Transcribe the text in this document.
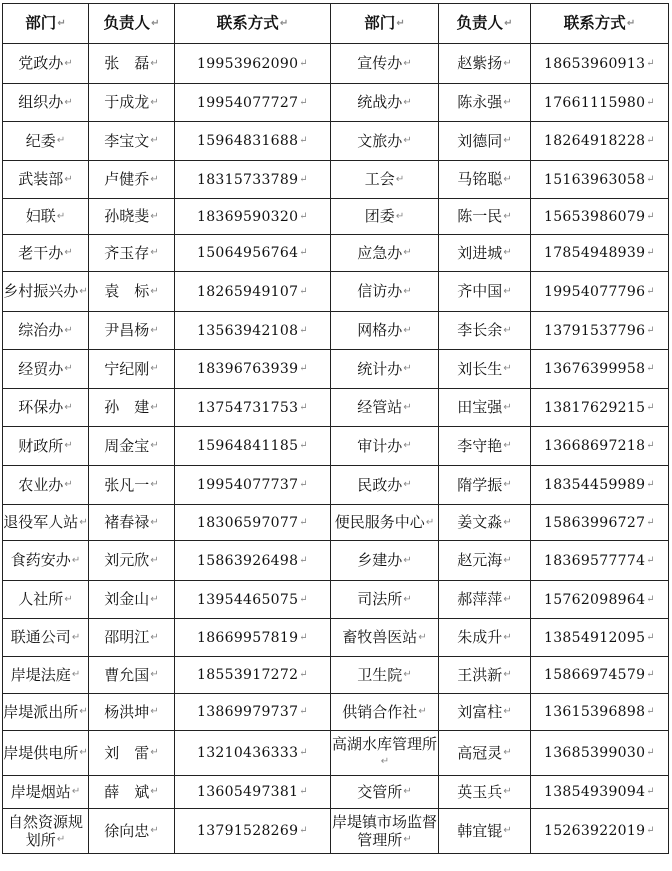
部门↵	负责人↵	联系方式↵	部门↵	负责人↵	联系方式↵
党政办↵	张　磊↵	19953962090↵	宣传办↵	赵紫扬↵	18653960913↵
组织办↵	于成龙↵	19954077727↵	统战办↵	陈永强↵	17661115980↵
纪委↵	李宝文↵	15964831688↵	文旅办↵	刘德同↵	18264918228↵
武装部↵	卢健乔↵	18315733789↵	工会↵	马铭聪↵	15163963058↵
妇联↵	孙晓斐↵	18369590320↵	团委↵	陈一民↵	15653986079↵
老干办↵	齐玉存↵	15064956764↵	应急办↵	刘进城↵	17854948939↵
乡村振兴办↵	袁　标↵	18265949107↵	信访办↵	齐中国↵	19954077796↵
综治办↵	尹昌杨↵	13563942108↵	网格办↵	李长余↵	13791537796↵
经贸办↵	宁纪刚↵	18396763939↵	统计办↵	刘长生↵	13676399958↵
环保办↵	孙　建↵	13754731753↵	经管站↵	田宝强↵	13817629215↵
财政所↵	周金宝↵	15964841185↵	审计办↵	李守艳↵	13668697218↵
农业办↵	张凡一↵	19954077737↵	民政办↵	隋学振↵	18354459989↵
退役军人站↵	褚春禄↵	18306597077↵	便民服务中心↵	姜文淼↵	15863996727↵
食药安办↵	刘元欣↵	15863926498↵	乡建办↵	赵元海↵	18369577774↵
人社所↵	刘金山↵	13954465075↵	司法所↵	郝萍萍↵	15762098964↵
联通公司↵	邵明江↵	18669957819↵	畜牧兽医站↵	朱成升↵	13854912095↵
岸堤法庭↵	曹允国↵	18553917272↵	卫生院↵	王洪新↵	15866974579↵
岸堤派出所↵	杨洪坤↵	13869979737↵	供销合作社↵	刘富柱↵	13615396898↵
岸堤供电所↵	刘　雷↵	13210436333↵	高湖水库管理所↵	高冠灵↵	13685399030↵
岸堤烟站↵	薛　斌↵	13605497381↵	交管所↵	英玉兵↵	13854939094↵
自然资源规划所↵	徐向忠↵	13791528269↵	岸堤镇市场监督管理所↵	韩宜锟↵	15263922019↵
